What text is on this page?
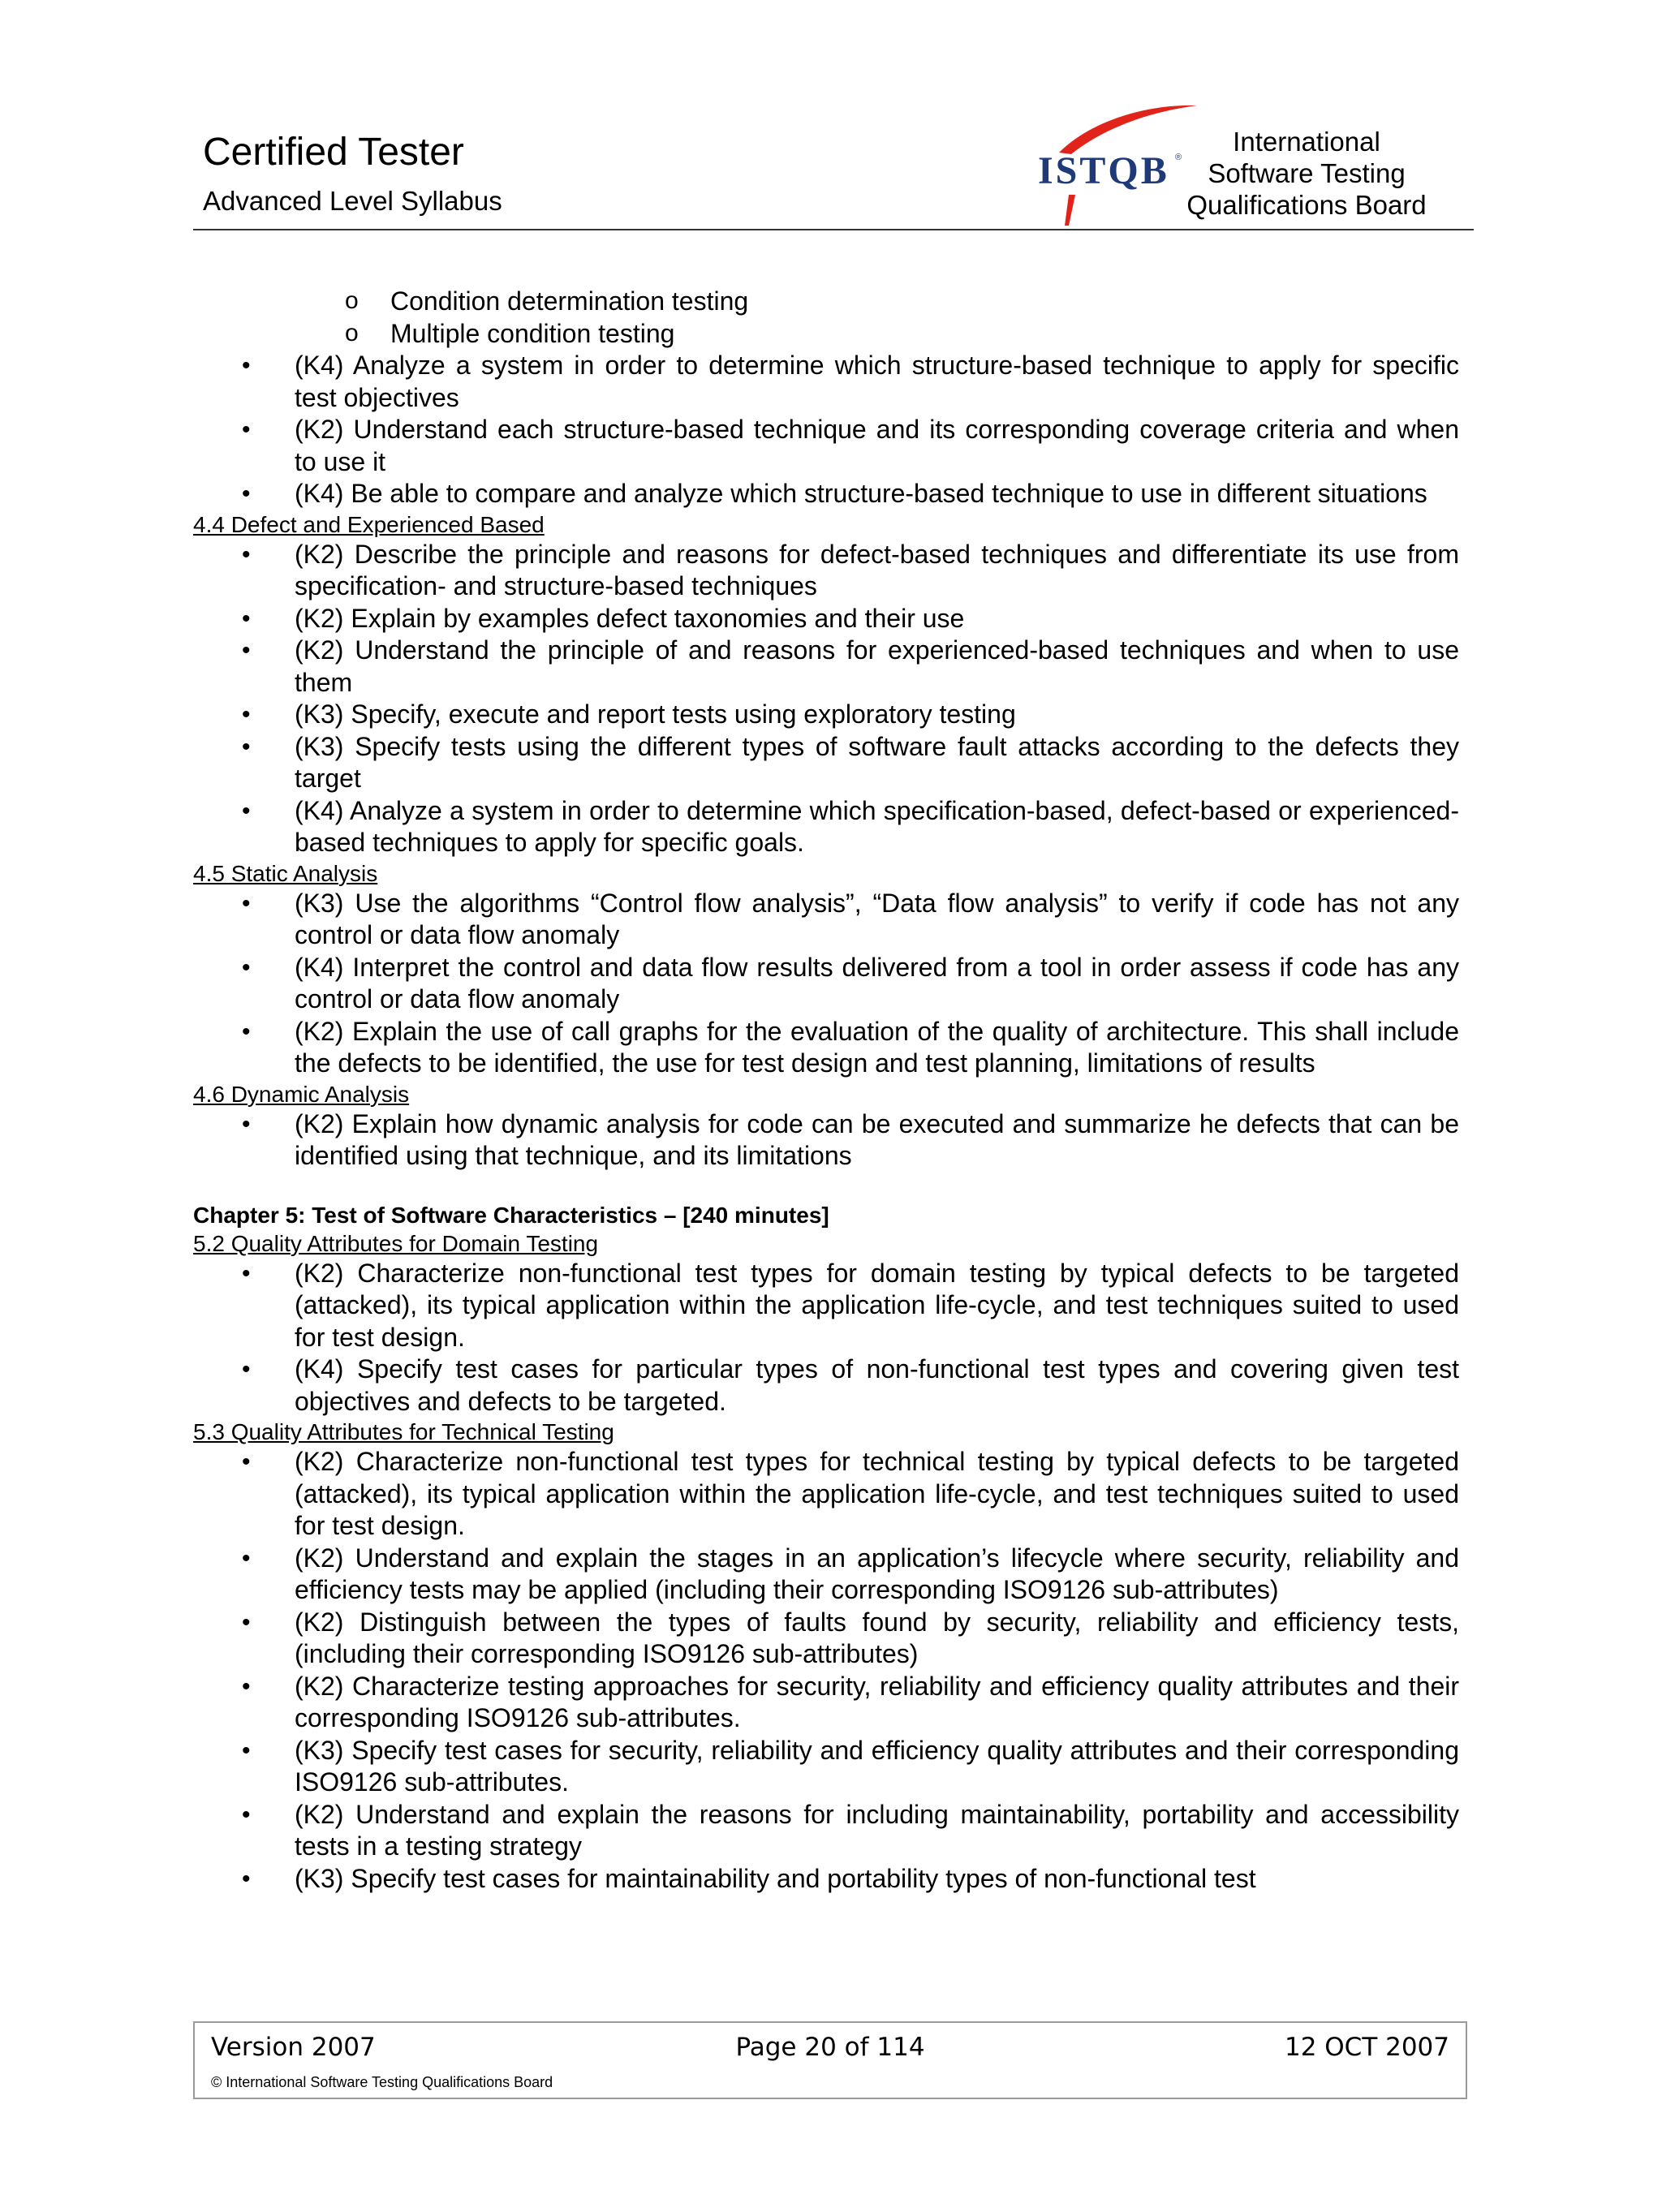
Certified Tester
Advanced Level Syllabus
ISTQB ®
International
Software Testing
Qualifications Board
o Condition determination testing
o Multiple condition testing
• (K4) Analyze a system in order to determine which structure-based technique to apply for specific test objectives
• (K2) Understand each structure-based technique and its corresponding coverage criteria and when to use it
• (K4) Be able to compare and analyze which structure-based technique to use in different situations
4.4 Defect and Experienced Based
• (K2) Describe the principle and reasons for defect-based techniques and differentiate its use from specification- and structure-based techniques
• (K2) Explain by examples defect taxonomies and their use
• (K2) Understand the principle of and reasons for experienced-based techniques and when to use them
• (K3) Specify, execute and report tests using exploratory testing
• (K3) Specify tests using the different types of software fault attacks according to the defects they target
• (K4) Analyze a system in order to determine which specification-based, defect-based or experienced-based techniques to apply for specific goals.
4.5 Static Analysis
• (K3) Use the algorithms “Control flow analysis”, “Data flow analysis” to verify if code has not any control or data flow anomaly
• (K4) Interpret the control and data flow results delivered from a tool in order assess if code has any control or data flow anomaly
• (K2) Explain the use of call graphs for the evaluation of the quality of architecture. This shall include the defects to be identified, the use for test design and test planning, limitations of results
4.6 Dynamic Analysis
• (K2) Explain how dynamic analysis for code can be executed and summarize he defects that can be identified using that technique, and its limitations
Chapter 5: Test of Software Characteristics – [240 minutes]
5.2 Quality Attributes for Domain Testing
• (K2) Characterize non-functional test types for domain testing by typical defects to be targeted (attacked), its typical application within the application life-cycle, and test techniques suited to used for test design.
• (K4) Specify test cases for particular types of non-functional test types and covering given test objectives and defects to be targeted.
5.3 Quality Attributes for Technical Testing
• (K2) Characterize non-functional test types for technical testing by typical defects to be targeted (attacked), its typical application within the application life-cycle, and test techniques suited to used for test design.
• (K2) Understand and explain the stages in an application’s lifecycle where security, reliability and efficiency tests may be applied (including their corresponding ISO9126 sub-attributes)
• (K2) Distinguish between the types of faults found by security, reliability and efficiency tests, (including their corresponding ISO9126 sub-attributes)
• (K2) Characterize testing approaches for security, reliability and efficiency quality attributes and their corresponding ISO9126 sub-attributes.
• (K3) Specify test cases for security, reliability and efficiency quality attributes and their corresponding ISO9126 sub-attributes.
• (K2) Understand and explain the reasons for including maintainability, portability and accessibility tests in a testing strategy
• (K3) Specify test cases for maintainability and portability types of non-functional test
Version 2007	Page 20 of 114	12 OCT 2007
© International Software Testing Qualifications Board
